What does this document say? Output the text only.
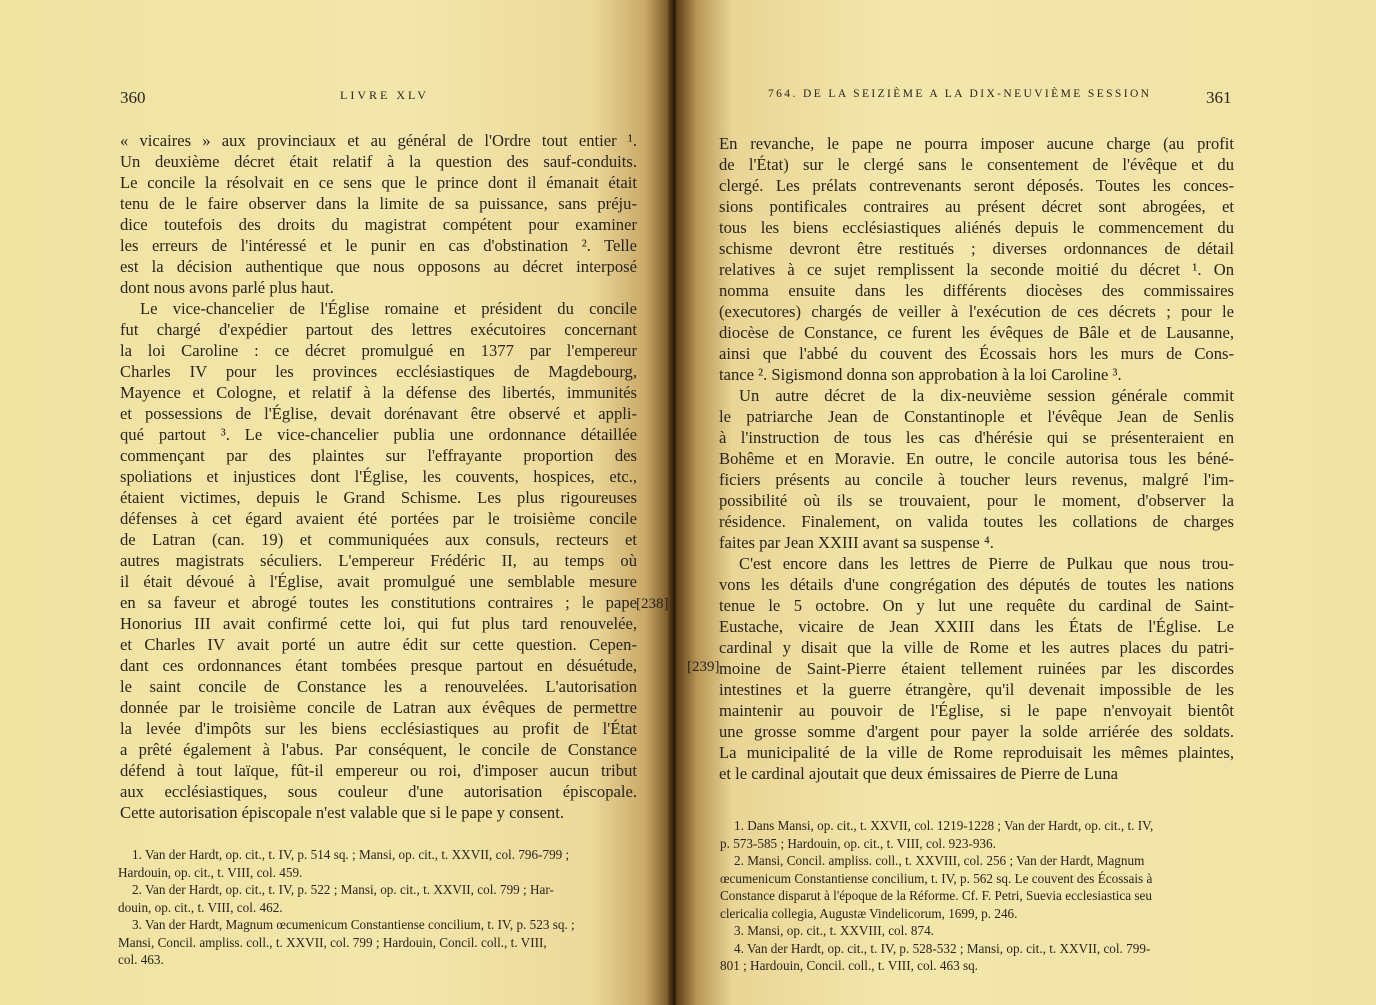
360	LIVRE XLV
« vicaires » aux provinciaux et au général de l'Ordre tout entier ¹.
Un deuxième décret était relatif à la question des sauf-conduits.
Le concile la résolvait en ce sens que le prince dont il émanait était
tenu de le faire observer dans la limite de sa puissance, sans préju-
dice toutefois des droits du magistrat compétent pour examiner
les erreurs de l'intéressé et le punir en cas d'obstination ². Telle
est la décision authentique que nous opposons au décret interposé
dont nous avons parlé plus haut.
Le vice-chancelier de l'Église romaine et président du concile
fut chargé d'expédier partout des lettres exécutoires concernant
la loi Caroline : ce décret promulgué en 1377 par l'empereur
Charles IV pour les provinces ecclésiastiques de Magdebourg,
Mayence et Cologne, et relatif à la défense des libertés, immunités
et possessions de l'Église, devait dorénavant être observé et appli-
qué partout ³. Le vice-chancelier publia une ordonnance détaillée
commençant par des plaintes sur l'effrayante proportion des
spoliations et injustices dont l'Église, les couvents, hospices, etc.,
étaient victimes, depuis le Grand Schisme. Les plus rigoureuses
défenses à cet égard avaient été portées par le troisième concile
de Latran (can. 19) et communiquées aux consuls, recteurs et
autres magistrats séculiers. L'empereur Frédéric II, au temps où
il était dévoué à l'Église, avait promulgué une semblable mesure
en sa faveur et abrogé toutes les constitutions contraires ; le pape
Honorius III avait confirmé cette loi, qui fut plus tard renouvelée,
et Charles IV avait porté un autre édit sur cette question. Cepen-
dant ces ordonnances étant tombées presque partout en désuétude,
le saint concile de Constance les a renouvelées. L'autorisation
donnée par le troisième concile de Latran aux évêques de permettre
la levée d'impôts sur les biens ecclésiastiques au profit de l'État
a prêté également à l'abus. Par conséquent, le concile de Constance
défend à tout laïque, fût-il empereur ou roi, d'imposer aucun tribut
aux ecclésiastiques, sous couleur d'une autorisation épiscopale.
Cette autorisation épiscopale n'est valable que si le pape y consent.
1. Van der Hardt, op. cit., t. IV, p. 514 sq. ; Mansi, op. cit., t. XXVII, col. 796-799 ;
Hardouin, op. cit., t. VIII, col. 459.
2. Van der Hardt, op. cit., t. IV, p. 522 ; Mansi, op. cit., t. XXVII, col. 799 ; Har-
douin, op. cit., t. VIII, col. 462.
3. Van der Hardt, Magnum œcumenicum Constantiense concilium, t. IV, p. 523 sq. ;
Mansi, Concil. ampliss. coll., t. XXVII, col. 799 ; Hardouin, Concil. coll., t. VIII,
col. 463.
[238]
764. DE LA SEIZIÈME A LA DIX-NEUVIÈME SESSION	361
En revanche, le pape ne pourra imposer aucune charge (au profit
de l'État) sur le clergé sans le consentement de l'évêque et du
clergé. Les prélats contrevenants seront déposés. Toutes les conces-
sions pontificales contraires au présent décret sont abrogées, et
tous les biens ecclésiastiques aliénés depuis le commencement du
schisme devront être restitués ; diverses ordonnances de détail
relatives à ce sujet remplissent la seconde moitié du décret ¹. On
nomma ensuite dans les différents diocèses des commissaires
(executores) chargés de veiller à l'exécution de ces décrets ; pour le
diocèse de Constance, ce furent les évêques de Bâle et de Lausanne,
ainsi que l'abbé du couvent des Écossais hors les murs de Cons-
tance ². Sigismond donna son approbation à la loi Caroline ³.
Un autre décret de la dix-neuvième session générale commit
le patriarche Jean de Constantinople et l'évêque Jean de Senlis
à l'instruction de tous les cas d'hérésie qui se présenteraient en
Bohême et en Moravie. En outre, le concile autorisa tous les béné-
ficiers présents au concile à toucher leurs revenus, malgré l'im-
possibilité où ils se trouvaient, pour le moment, d'observer la
résidence. Finalement, on valida toutes les collations de charges
faites par Jean XXIII avant sa suspense ⁴.
C'est encore dans les lettres de Pierre de Pulkau que nous trou-
vons les détails d'une congrégation des députés de toutes les nations
tenue le 5 octobre. On y lut une requête du cardinal de Saint-
Eustache, vicaire de Jean XXIII dans les États de l'Église. Le
cardinal y disait que la ville de Rome et les autres places du patri-
moine de Saint-Pierre étaient tellement ruinées par les discordes
intestines et la guerre étrangère, qu'il devenait impossible de les
maintenir au pouvoir de l'Église, si le pape n'envoyait bientôt
une grosse somme d'argent pour payer la solde arriérée des soldats.
La municipalité de la ville de Rome reproduisait les mêmes plaintes,
et le cardinal ajoutait que deux émissaires de Pierre de Luna
1. Dans Mansi, op. cit., t. XXVII, col. 1219-1228 ; Van der Hardt, op. cit., t. IV,
p. 573-585 ; Hardouin, op. cit., t. VIII, col. 923-936.
2. Mansi, Concil. ampliss. coll., t. XXVIII, col. 256 ; Van der Hardt, Magnum
œcumenicum Constantiense concilium, t. IV, p. 562 sq. Le couvent des Écossais à
Constance disparut à l'époque de la Réforme. Cf. F. Petri, Suevia ecclesiastica seu
clericalia collegia, Augustæ Vindelicorum, 1699, p. 246.
3. Mansi, op. cit., t. XXVIII, col. 874.
4. Van der Hardt, op. cit., t. IV, p. 528-532 ; Mansi, op. cit., t. XXVII, col. 799-
801 ; Hardouin, Concil. coll., t. VIII, col. 463 sq.
[239]
